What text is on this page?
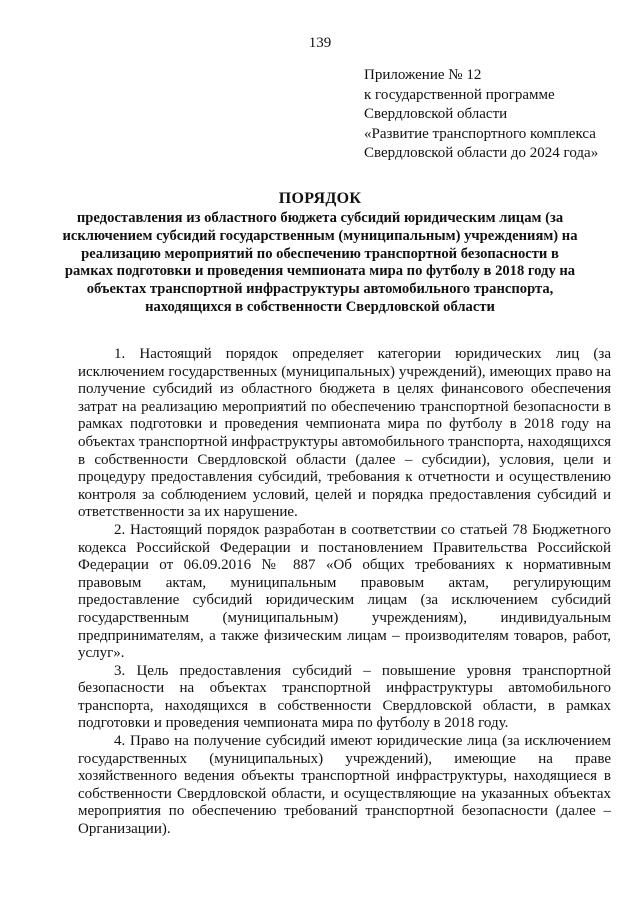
139
Приложение № 12
к государственной программе
Свердловской области
«Развитие транспортного комплекса
Свердловской области до 2024 года»
ПОРЯДОК
предоставления из областного бюджета субсидий юридическим лицам (за исключением субсидий государственным (муниципальным) учреждениям) на реализацию мероприятий по обеспечению транспортной безопасности в рамках подготовки и проведения чемпионата мира по футболу в 2018 году на объектах транспортной инфраструктуры автомобильного транспорта, находящихся в собственности Свердловской области

1. Настоящий порядок определяет категории юридических лиц (за исключением государственных (муниципальных) учреждений), имеющих право на получение субсидий из областного бюджета в целях финансового обеспечения затрат на реализацию мероприятий по обеспечению транспортной безопасности в рамках подготовки и проведения чемпионата мира по футболу в 2018 году на объектах транспортной инфраструктуры автомобильного транспорта, находящихся в собственности Свердловской области (далее – субсидии), условия, цели и процедуру предоставления субсидий, требования к отчетности и осуществлению контроля за соблюдением условий, целей и порядка предоставления субсидий и ответственности за их нарушение.

2. Настоящий порядок разработан в соответствии со статьей 78 Бюджетного кодекса Российской Федерации и постановлением Правительства Российской Федерации от 06.09.2016 № 887 «Об общих требованиях к нормативным правовым актам, муниципальным правовым актам, регулирующим предоставление субсидий юридическим лицам (за исключением субсидий государственным (муниципальным) учреждениям), индивидуальным предпринимателям, а также физическим лицам – производителям товаров, работ, услуг».

3. Цель предоставления субсидий – повышение уровня транспортной безопасности на объектах транспортной инфраструктуры автомобильного транспорта, находящихся в собственности Свердловской области, в рамках подготовки и проведения чемпионата мира по футболу в 2018 году.

4. Право на получение субсидий имеют юридические лица (за исключением государственных (муниципальных) учреждений), имеющие на праве хозяйственного ведения объекты транспортной инфраструктуры, находящиеся в собственности Свердловской области, и осуществляющие на указанных объектах мероприятия по обеспечению требований транспортной безопасности (далее – Организации).
